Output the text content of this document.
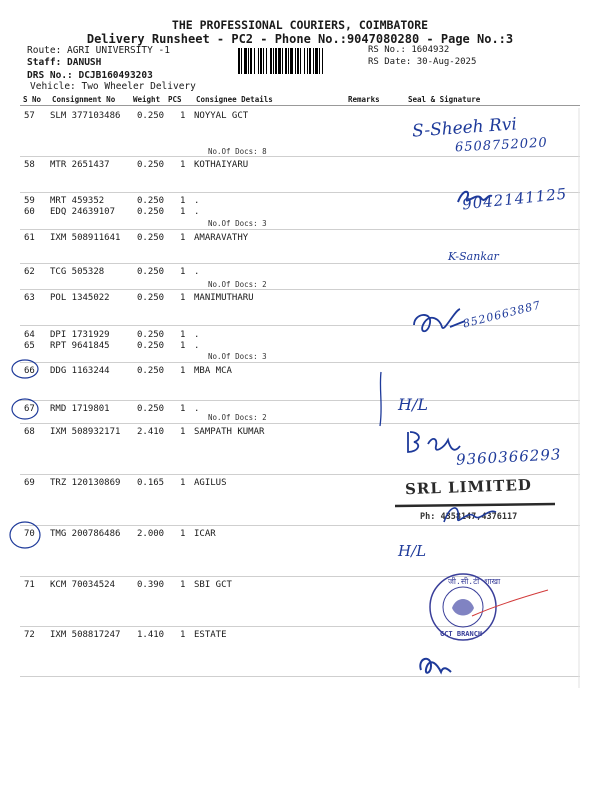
THE PROFESSIONAL COURIERS, COIMBATORE
Delivery Runsheet - PC2 - Phone No.:9047080280 - Page No.:3
Route: AGRI UNIVERSITY -1
Staff: DANUSH
DRS No.: DCJB160493203
Vehicle: Two Wheeler Delivery
RS No.: 1604932
RS Date: 30-Aug-2025
S No Consignment No Weight PCS Consignee Details	Remarks	Seal & Signature
57 SLM 377103486 0.250 1 NOYYAL GCT
No.Of Docs: 8
58 MTR 2651437	0.250 1 KOTHAIYARU
59 MRT 459352	0.250 1 .
60 EDQ 24639107 0.250 1 .
No.Of Docs: 3
61 IXM 508911641 0.250 1 AMARAVATHY
62 TCG 505328	0.250 1 .
No.Of Docs: 2
63 POL 1345022	0.250 1 MANIMUTHARU
64 DPI 1731929	0.250 1 .
65 RPT 9641845	0.250 1 .
No.Of Docs: 3
66 DDG 1163244	0.250 1 MBA MCA
67 RMD 1719801	0.250 1 .
No.Of Docs: 2
68 IXM 508932171 2.410 1 SAMPATH KUMAR
69 TRZ 120130869 0.165 1 AGILUS
70 TMG 200786486 2.000 1 ICAR
71 KCM 70034524 0.390 1 SBI GCT
72 IXM 508817247 1.410 1 ESTATE
S-Sheeh Rvi
6508752020
9042141125
K-Sankar
8520663887
H/L
9360366293
SRL LIMITED
Ph: 4358147,4376117
H/L
जी.सी.टी शाखा
GCT BRANCH
